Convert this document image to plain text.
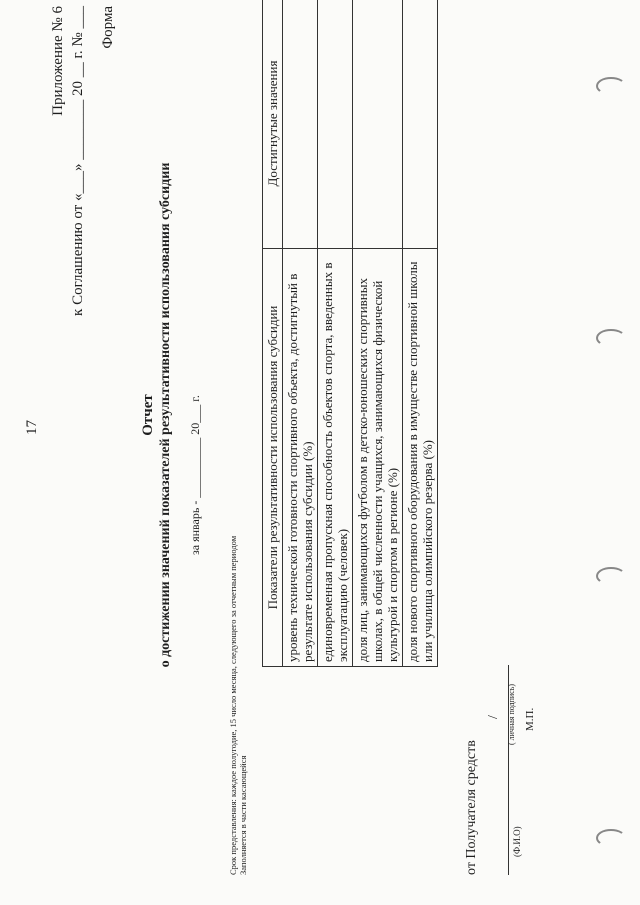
17
Приложение № 6 к Соглашению от «___» ________ 20 __ г. № ___ Форма
Отчет о достижении значений показателей результативности использования субсидии за январь - __________ 20___ г.
Срок представления: каждое полугодие, 15 число месяца, следующего за отчетным периодом Заполняется в части касающейся
Показатели результативности использования субсидии	Достигнутые значения
уровень технической готовности спортивного объекта, достигнутый в результате использования субсидии (%)	
единовременная пропускная способность объектов спорта, введенных в эксплуатацию (человек)	
доля лиц, занимающихся футболом в детско-юношеских спортивных школах, в общей численности учащихся, занимающихся физической культурой и спортом в регионе (%)	
доля нового спортивного оборудования в имуществе спортивной школы или училища олимпийского резерва (%)	
от Получателя средств
/
(Ф.И.О)
( личная подпись) М.П.
